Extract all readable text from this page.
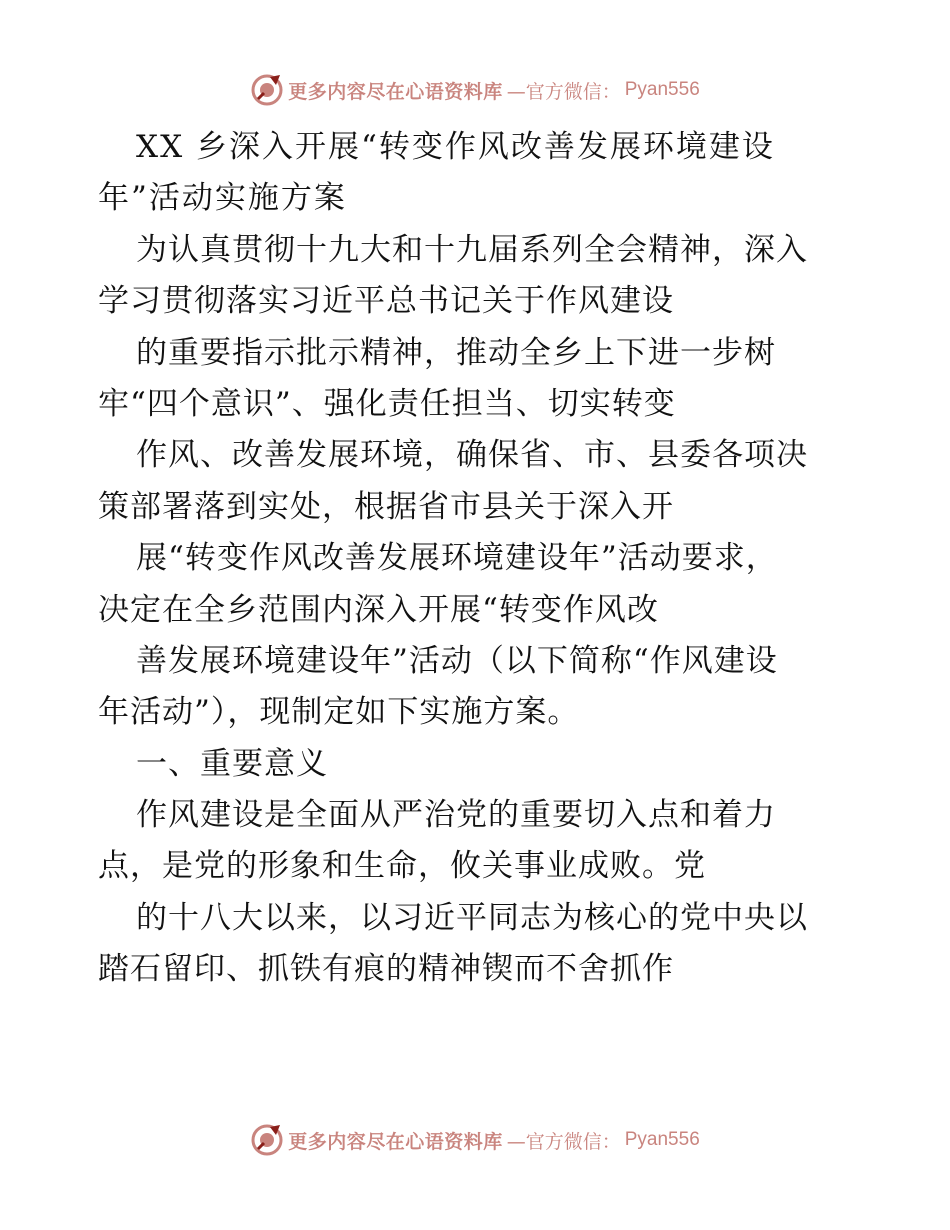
更多内容尽在心语资料库 —官方微信： Pyan556
XX 乡深入开展“转变作风改善发展环境建设
年”活动实施方案
为认真贯彻十九大和十九届系列全会精神，深入
学习贯彻落实习近平总书记关于作风建设
的重要指示批示精神，推动全乡上下进一步树
牢“四个意识”、强化责任担当、切实转变
作风、改善发展环境，确保省、市、县委各项决
策部署落到实处，根据省市县关于深入开
展“转变作风改善发展环境建设年”活动要求，
决定在全乡范围内深入开展“转变作风改
善发展环境建设年”活动（以下简称“作风建设
年活动”），现制定如下实施方案。
一、重要意义
作风建设是全面从严治党的重要切入点和着力
点，是党的形象和生命，攸关事业成败。党
的十八大以来，以习近平同志为核心的党中央以
踏石留印、抓铁有痕的精神锲而不舍抓作
更多内容尽在心语资料库 —官方微信： Pyan556
